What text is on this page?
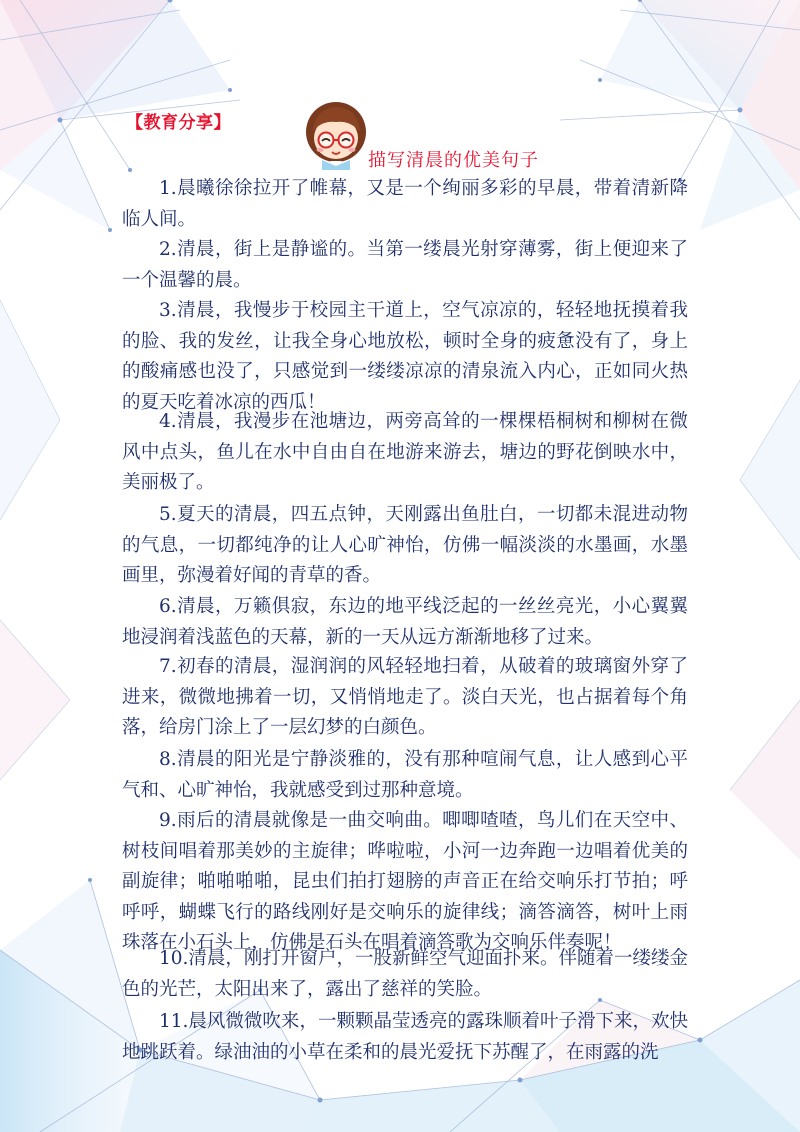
【教育分享】
描写清晨的优美句子

1.晨曦徐徐拉开了帷幕，又是一个绚丽多彩的早晨，带着清新降临人间。

2.清晨，街上是静谧的。当第一缕晨光射穿薄雾，街上便迎来了一个温馨的晨。

3.清晨，我慢步于校园主干道上，空气凉凉的，轻轻地抚摸着我的脸、我的发丝，让我全身心地放松，顿时全身的疲惫没有了，身上的酸痛感也没了，只感觉到一缕缕凉凉的清泉流入内心，正如同火热的夏天吃着冰凉的西瓜！

4.清晨，我漫步在池塘边，两旁高耸的一棵棵梧桐树和柳树在微风中点头，鱼儿在水中自由自在地游来游去，塘边的野花倒映水中，美丽极了。

5.夏天的清晨，四五点钟，天刚露出鱼肚白，一切都未混进动物的气息，一切都纯净的让人心旷神怡，仿佛一幅淡淡的水墨画，水墨画里，弥漫着好闻的青草的香。

6.清晨，万籁俱寂，东边的地平线泛起的一丝丝亮光，小心翼翼地浸润着浅蓝色的天幕，新的一天从远方渐渐地移了过来。

7.初春的清晨，湿润润的风轻轻地扫着，从破着的玻璃窗外穿了进来，微微地拂着一切，又悄悄地走了。淡白天光，也占据着每个角落，给房门涂上了一层幻梦的白颜色。

8.清晨的阳光是宁静淡雅的，没有那种喧闹气息，让人感到心平气和、心旷神怡，我就感受到过那种意境。

9.雨后的清晨就像是一曲交响曲。唧唧喳喳，鸟儿们在天空中、树枝间唱着那美妙的主旋律；哗啦啦，小河一边奔跑一边唱着优美的副旋律；啪啪啪啪，昆虫们拍打翅膀的声音正在给交响乐打节拍；呼呼呼，蝴蝶飞行的路线刚好是交响乐的旋律线；滴答滴答，树叶上雨珠落在小石头上，仿佛是石头在唱着滴答歌为交响乐伴奏呢！

10.清晨，刚打开窗户，一股新鲜空气迎面扑来。伴随着一缕缕金色的光芒，太阳出来了，露出了慈祥的笑脸。

11.晨风微微吹来，一颗颗晶莹透亮的露珠顺着叶子滑下来，欢快地跳跃着。绿油油的小草在柔和的晨光爱抚下苏醒了，在雨露的洗
